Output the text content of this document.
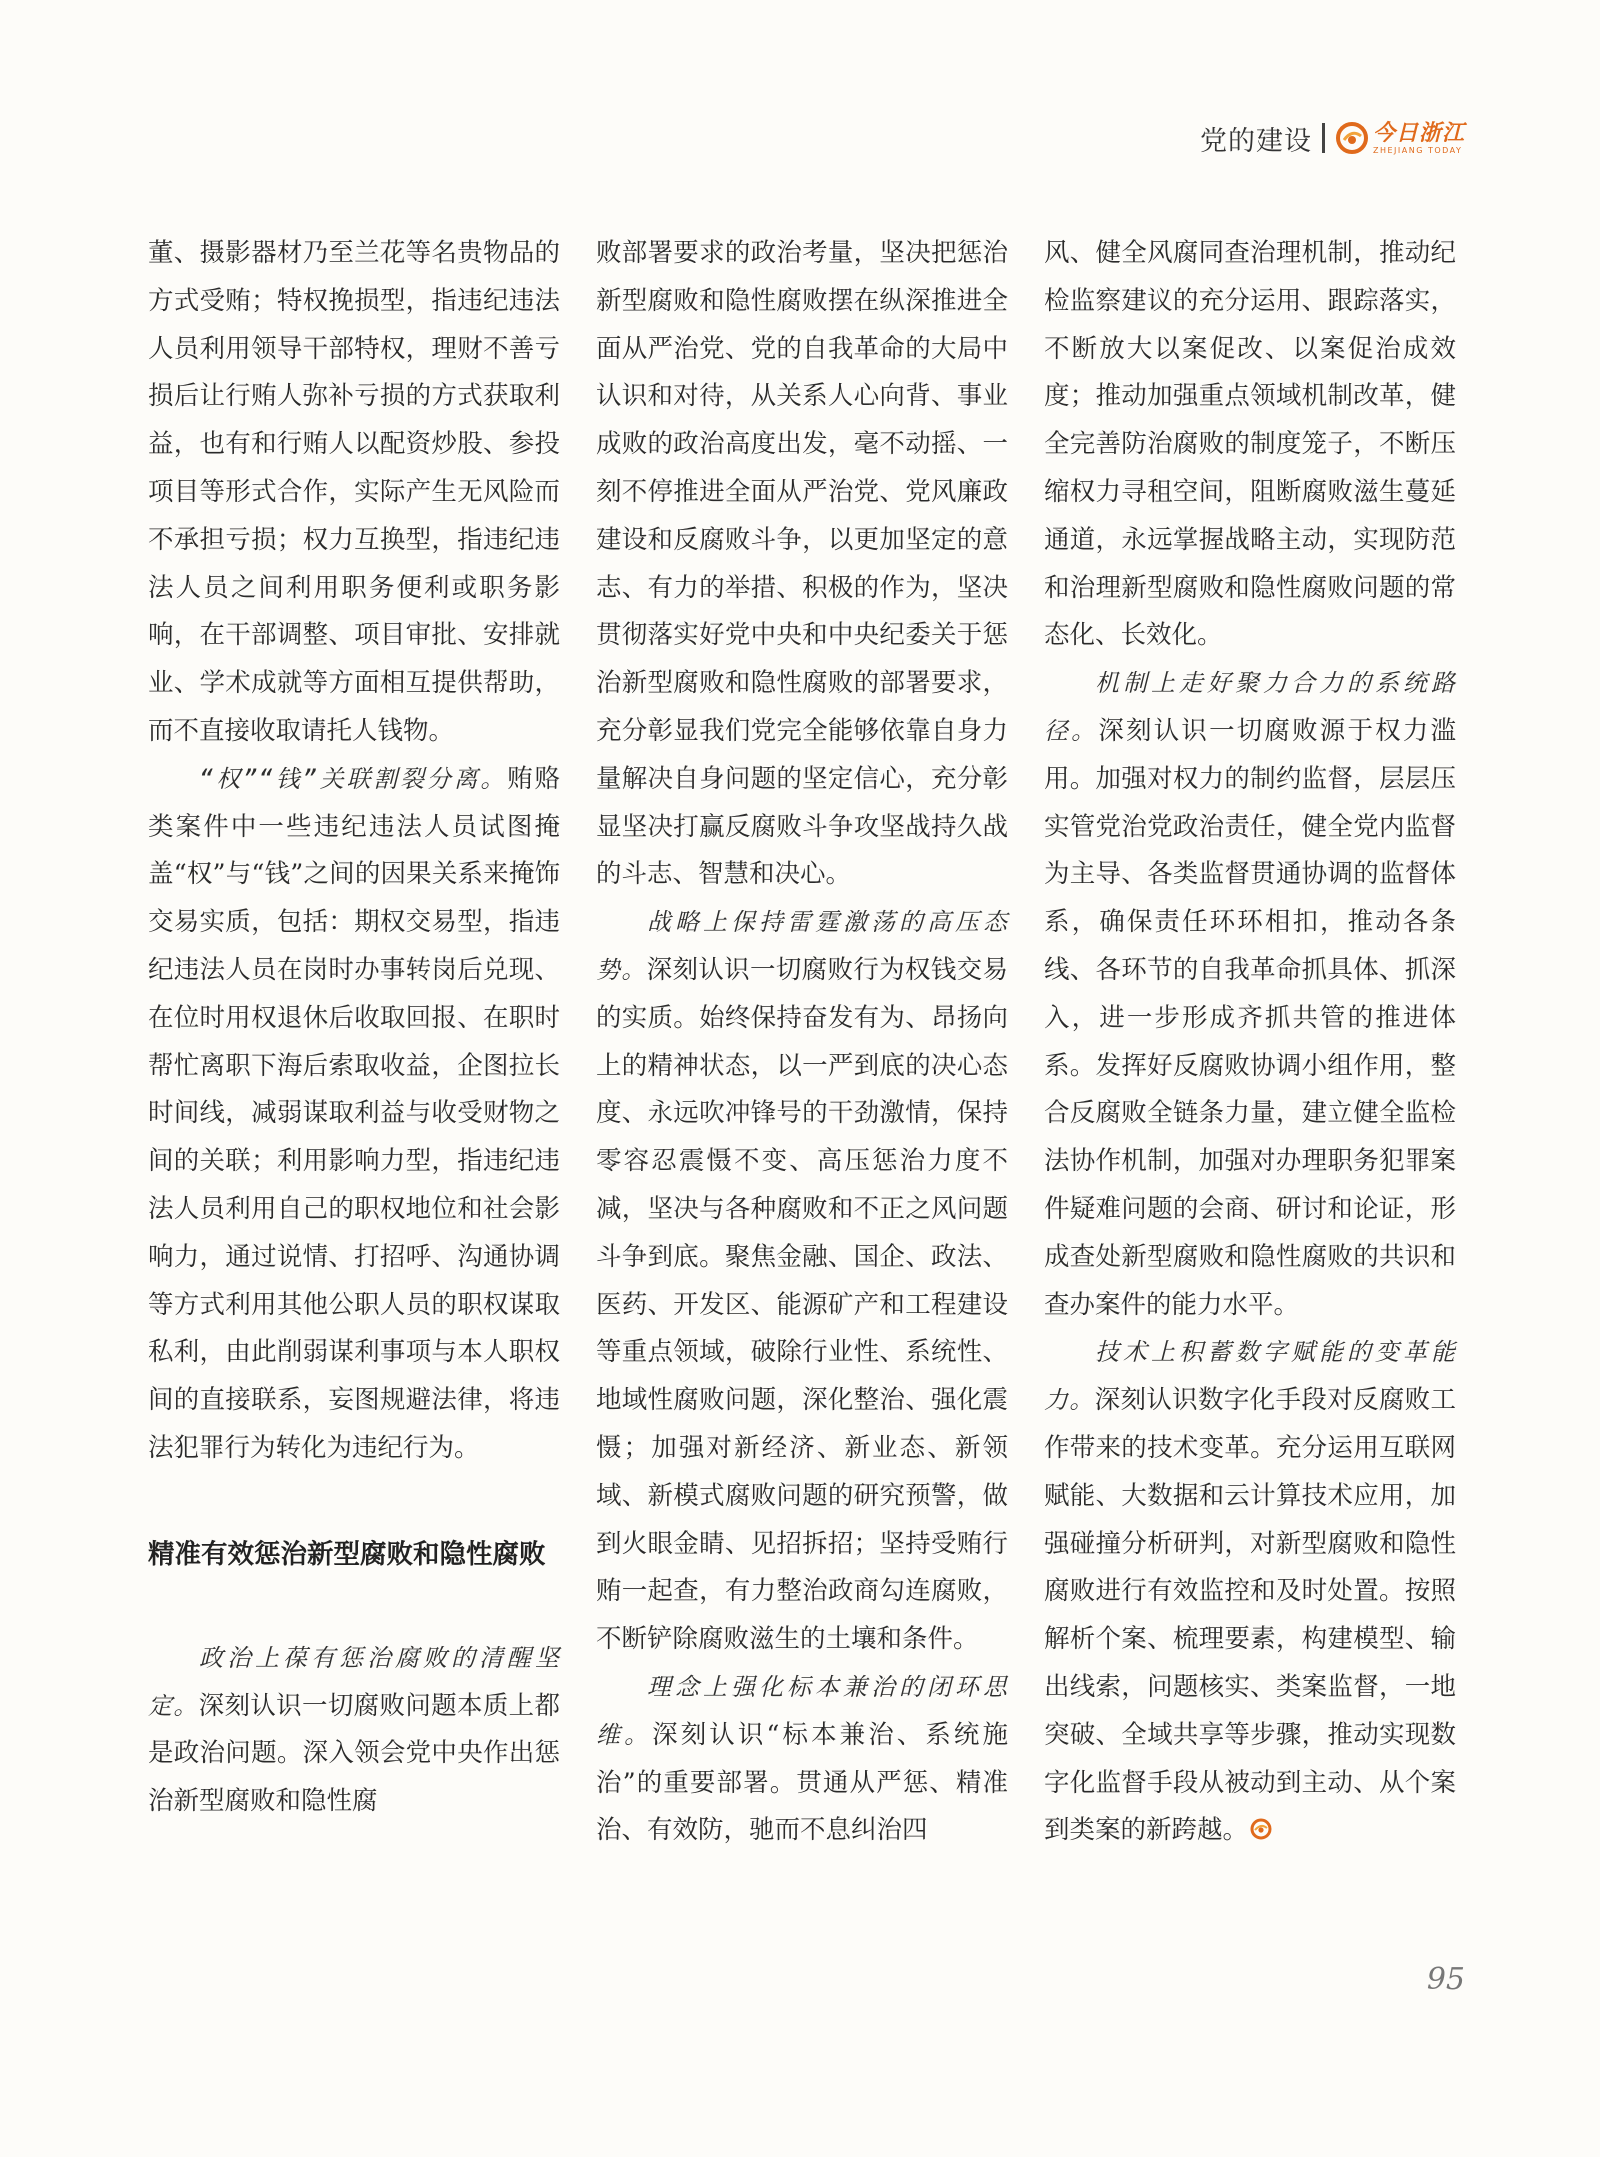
党的建设	今日浙江
ZHEJIANG TODAY

董、摄影器材乃至兰花等名贵物品的方式受贿；特权挽损型，指违纪违法人员利用领导干部特权，理财不善亏损后让行贿人弥补亏损的方式获取利益，也有和行贿人以配资炒股、参投项目等形式合作，实际产生无风险而不承担亏损；权力互换型，指违纪违法人员之间利用职务便利或职务影响，在干部调整、项目审批、安排就业、学术成就等方面相互提供帮助，而不直接收取请托人钱物。

“权”“钱”关联割裂分离。贿赂类案件中一些违纪违法人员试图掩盖“权”与“钱”之间的因果关系来掩饰交易实质，包括：期权交易型，指违纪违法人员在岗时办事转岗后兑现、在位时用权退休后收取回报、在职时帮忙离职下海后索取收益，企图拉长时间线，减弱谋取利益与收受财物之间的关联；利用影响力型，指违纪违法人员利用自己的职权地位和社会影响力，通过说情、打招呼、沟通协调等方式利用其他公职人员的职权谋取私利，由此削弱谋利事项与本人职权间的直接联系，妄图规避法律，将违法犯罪行为转化为违纪行为。

精准有效惩治新型腐败和隐性腐败

政治上葆有惩治腐败的清醒坚定。深刻认识一切腐败问题本质上都是政治问题。深入领会党中央作出惩治新型腐败和隐性腐

败部署要求的政治考量，坚决把惩治新型腐败和隐性腐败摆在纵深推进全面从严治党、党的自我革命的大局中认识和对待，从关系人心向背、事业成败的政治高度出发，毫不动摇、一刻不停推进全面从严治党、党风廉政建设和反腐败斗争，以更加坚定的意志、有力的举措、积极的作为，坚决贯彻落实好党中央和中央纪委关于惩治新型腐败和隐性腐败的部署要求，充分彰显我们党完全能够依靠自身力量解决自身问题的坚定信心，充分彰显坚决打赢反腐败斗争攻坚战持久战的斗志、智慧和决心。

战略上保持雷霆激荡的高压态势。深刻认识一切腐败行为权钱交易的实质。始终保持奋发有为、昂扬向上的精神状态，以一严到底的决心态度、永远吹冲锋号的干劲激情，保持零容忍震慑不变、高压惩治力度不减，坚决与各种腐败和不正之风问题斗争到底。聚焦金融、国企、政法、医药、开发区、能源矿产和工程建设等重点领域，破除行业性、系统性、地域性腐败问题，深化整治、强化震慑；加强对新经济、新业态、新领域、新模式腐败问题的研究预警，做到火眼金睛、见招拆招；坚持受贿行贿一起查，有力整治政商勾连腐败，不断铲除腐败滋生的土壤和条件。

理念上强化标本兼治的闭环思维。深刻认识“标本兼治、系统施治”的重要部署。贯通从严惩、精准治、有效防，驰而不息纠治四

风、健全风腐同查治理机制，推动纪检监察建议的充分运用、跟踪落实，不断放大以案促改、以案促治成效度；推动加强重点领域机制改革，健全完善防治腐败的制度笼子，不断压缩权力寻租空间，阻断腐败滋生蔓延通道，永远掌握战略主动，实现防范和治理新型腐败和隐性腐败问题的常态化、长效化。

机制上走好聚力合力的系统路径。深刻认识一切腐败源于权力滥用。加强对权力的制约监督，层层压实管党治党政治责任，健全党内监督为主导、各类监督贯通协调的监督体系，确保责任环环相扣，推动各条线、各环节的自我革命抓具体、抓深入，进一步形成齐抓共管的推进体系。发挥好反腐败协调小组作用，整合反腐败全链条力量，建立健全监检法协作机制，加强对办理职务犯罪案件疑难问题的会商、研讨和论证，形成查处新型腐败和隐性腐败的共识和查办案件的能力水平。

技术上积蓄数字赋能的变革能力。深刻认识数字化手段对反腐败工作带来的技术变革。充分运用互联网赋能、大数据和云计算技术应用，加强碰撞分析研判，对新型腐败和隐性腐败进行有效监控和及时处置。按照解析个案、梳理要素，构建模型、输出线索，问题核实、类案监督，一地突破、全域共享等步骤，推动实现数字化监督手段从被动到主动、从个案到类案的新跨越。

95
